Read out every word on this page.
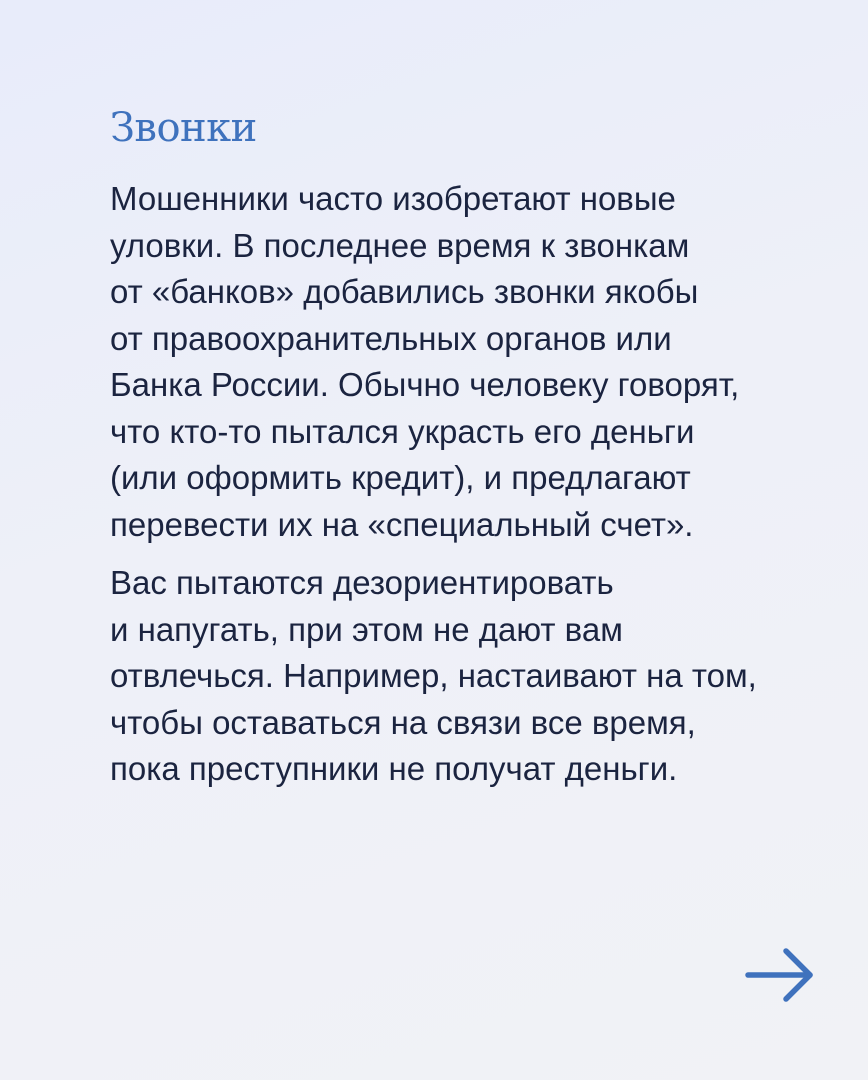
Звонки

Мошенники часто изобретают новые
уловки. В последнее время к звонкам
от «банков» добавились звонки якобы
от правоохранительных органов или
Банка России. Обычно человеку говорят,
что кто-то пытался украсть его деньги
(или оформить кредит), и предлагают
перевести их на «специальный счет».

Вас пытаются дезориентировать
и напугать, при этом не дают вам
отвлечься. Например, настаивают на том,
чтобы оставаться на связи все время,
пока преступники не получат деньги.
